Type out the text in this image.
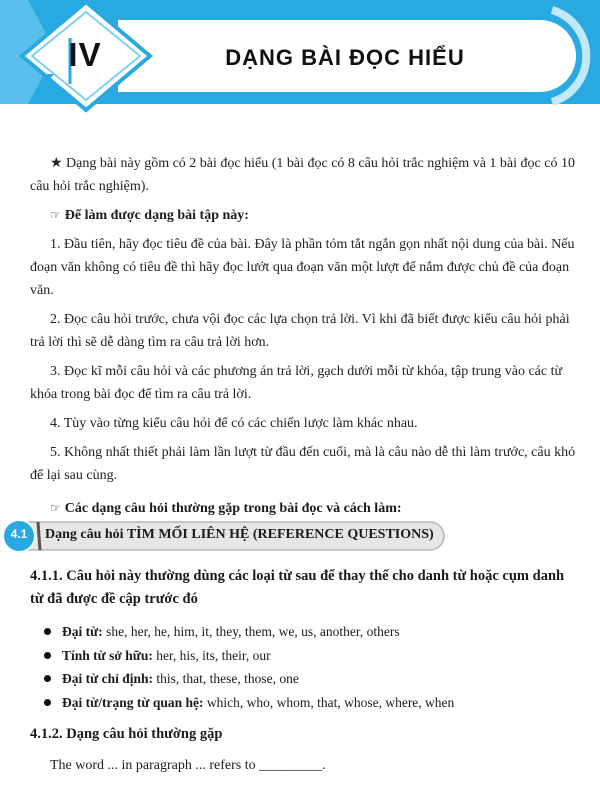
IV	DẠNG BÀI ĐỌC HIỂU

★ Dạng bài này gồm có 2 bài đọc hiểu (1 bài đọc có 8 câu hỏi trắc nghiệm và 1 bài đọc có 10 câu hỏi trắc nghiệm).

☞ Để làm được dạng bài tập này:

1. Đầu tiên, hãy đọc tiêu đề của bài. Đây là phần tóm tắt ngắn gọn nhất nội dung của bài. Nếu đoạn văn không có tiêu đề thì hãy đọc lướt qua đoạn văn một lượt để nắm được chủ đề của đoạn văn.

2. Đọc câu hỏi trước, chưa vội đọc các lựa chọn trả lời. Vì khi đã biết được kiểu câu hỏi phải trả lời thì sẽ dễ dàng tìm ra câu trả lời hơn.

3. Đọc kĩ mỗi câu hỏi và các phương án trả lời, gạch dưới mỗi từ khóa, tập trung vào các từ khóa trong bài đọc để tìm ra câu trả lời.

4. Tùy vào từng kiểu câu hỏi để có các chiến lược làm khác nhau.

5. Không nhất thiết phải làm lần lượt từ đầu đến cuối, mà là câu nào dễ thì làm trước, câu khó để lại sau cùng.

☞ Các dạng câu hỏi thường gặp trong bài đọc và cách làm:

4.1	Dạng câu hỏi TÌM MỐI LIÊN HỆ (REFERENCE QUESTIONS)
4.1.1. Câu hỏi này thường dùng các loại từ sau để thay thế cho danh từ hoặc cụm danh từ đã được đề cập trước đó
Đại từ: she, her, he, him, it, they, them, we, us, another, others
Tính từ sở hữu: her, his, its, their, our
Đại từ chỉ định: this, that, these, those, one
Đại từ/trạng từ quan hệ: which, who, whom, that, whose, where, when
4.1.2. Dạng câu hỏi thường gặp
The word ... in paragraph ... refers to _________.
